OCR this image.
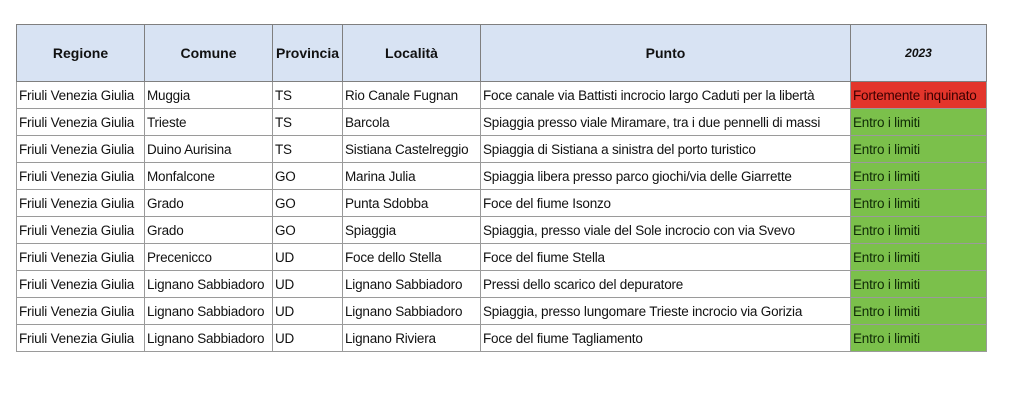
Regione	Comune	Provincia	Località	Punto	2023
Friuli Venezia Giulia	Muggia	TS	Rio Canale Fugnan	Foce canale via Battisti incrocio largo Caduti per la libertà	Fortemente inquinato
Friuli Venezia Giulia	Trieste	TS	Barcola	Spiaggia presso viale Miramare, tra i due pennelli di massi	Entro i limiti
Friuli Venezia Giulia	Duino Aurisina	TS	Sistiana Castelreggio	Spiaggia di Sistiana a sinistra del porto turistico	Entro i limiti
Friuli Venezia Giulia	Monfalcone	GO	Marina Julia	Spiaggia libera presso parco giochi/via delle Giarrette	Entro i limiti
Friuli Venezia Giulia	Grado	GO	Punta Sdobba	Foce del fiume Isonzo	Entro i limiti
Friuli Venezia Giulia	Grado	GO	Spiaggia	Spiaggia, presso viale del Sole incrocio con via Svevo	Entro i limiti
Friuli Venezia Giulia	Precenicco	UD	Foce dello Stella	Foce del fiume Stella	Entro i limiti
Friuli Venezia Giulia	Lignano Sabbiadoro	UD	Lignano Sabbiadoro	Pressi dello scarico del depuratore	Entro i limiti
Friuli Venezia Giulia	Lignano Sabbiadoro	UD	Lignano Sabbiadoro	Spiaggia, presso lungomare Trieste incrocio via Gorizia	Entro i limiti
Friuli Venezia Giulia	Lignano Sabbiadoro	UD	Lignano Riviera	Foce del fiume Tagliamento	Entro i limiti
